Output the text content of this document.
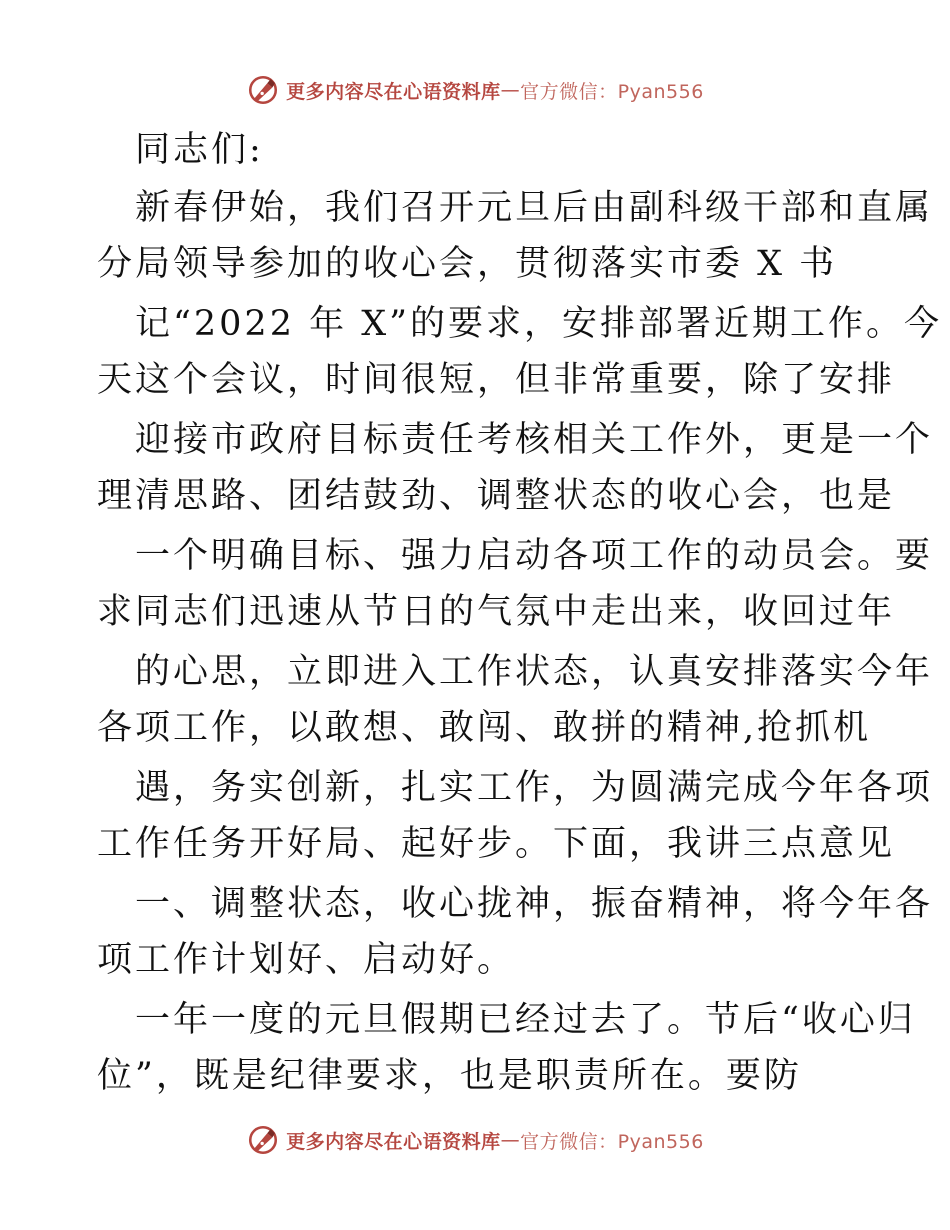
更多内容尽在心语资料库 — 官方微信：Pyan556
同志们:
新春伊始，我们召开元旦后由副科级干部和直属
分局领导参加的收心会，贯彻落实市委 X 书
记“2022 年 X”的要求，安排部署近期工作。今
天这个会议，时间很短，但非常重要，除了安排
迎接市政府目标责任考核相关工作外，更是一个
理清思路、团结鼓劲、调整状态的收心会，也是
一个明确目标、强力启动各项工作的动员会。要
求同志们迅速从节日的气氛中走出来，收回过年
的心思，立即进入工作状态，认真安排落实今年
各项工作，以敢想、敢闯、敢拼的精神,抢抓机
遇，务实创新，扎实工作，为圆满完成今年各项
工作任务开好局、起好步。下面，我讲三点意见
一、调整状态，收心拢神，振奋精神，将今年各
项工作计划好、启动好。
一年一度的元旦假期已经过去了。节后“收心归
位”，既是纪律要求，也是职责所在。要防
更多内容尽在心语资料库 — 官方微信：Pyan556
